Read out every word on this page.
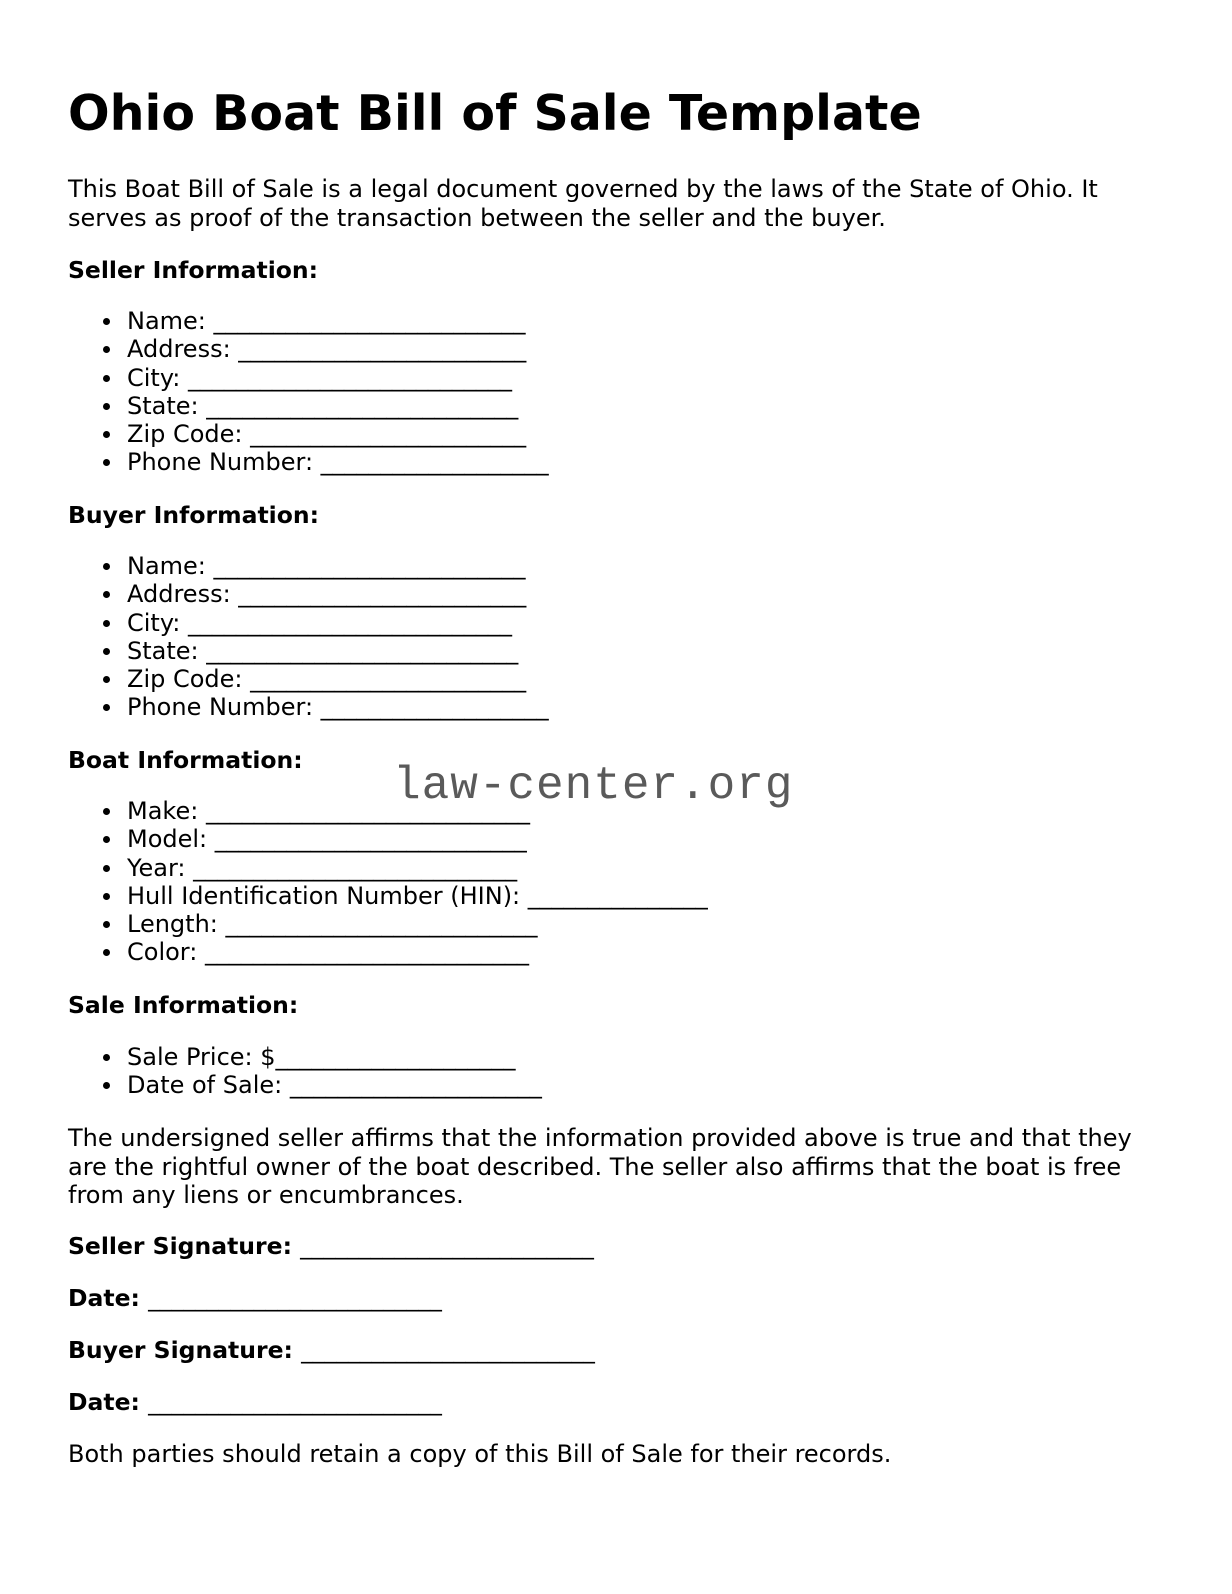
Ohio Boat Bill of Sale Template

This Boat Bill of Sale is a legal document governed by the laws of the State of Ohio. It serves as proof of the transaction between the seller and the buyer.

Seller Information:
Name: __________________________
Address: ________________________
City: ___________________________
State: __________________________
Zip Code: _______________________
Phone Number: ___________________
Buyer Information:
Name: __________________________
Address: ________________________
City: ___________________________
State: __________________________
Zip Code: _______________________
Phone Number: ___________________
Boat Information:
Make: ___________________________
Model: __________________________
Year: ___________________________
Hull Identification Number (HIN): _______________
Length: __________________________
Color: ___________________________
Sale Information:
Sale Price: $____________________
Date of Sale: _____________________

The undersigned seller affirms that the information provided above is true and that they are the rightful owner of the boat described. The seller also affirms that the boat is free from any liens or encumbrances.

Seller Signature: _________________________

Date: _________________________

Buyer Signature: _________________________

Date: _________________________

Both parties should retain a copy of this Bill of Sale for their records.

law-center.org
